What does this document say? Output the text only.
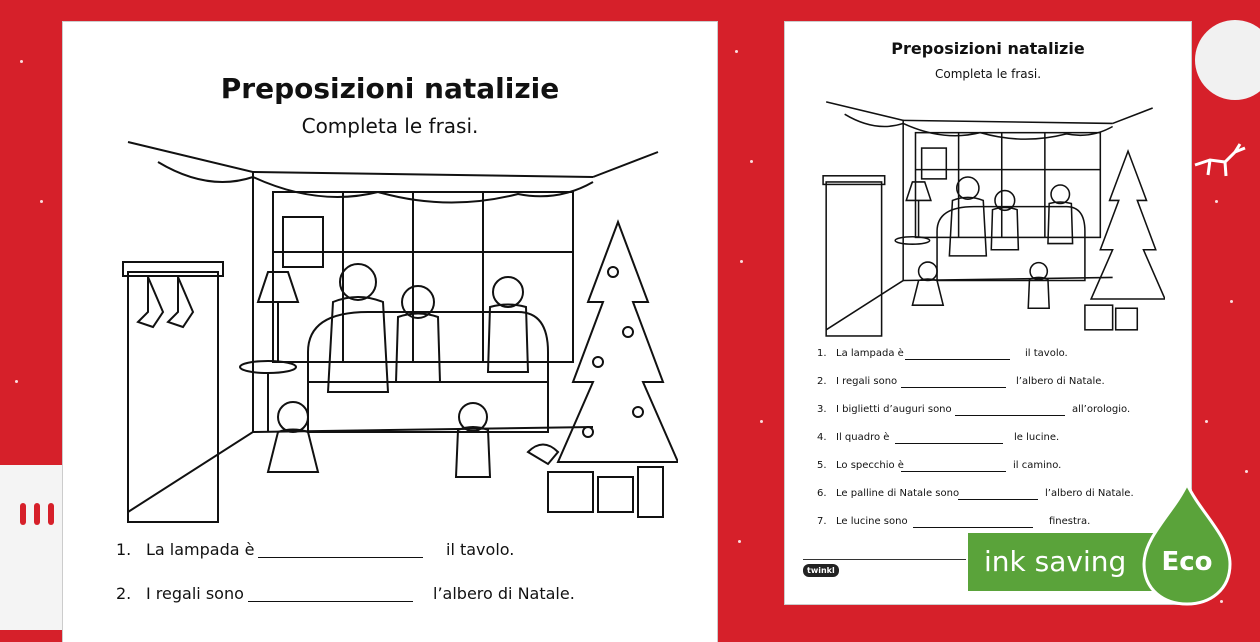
Preposizioni natalizie
Completa le frasi.
1. La lampada è	il tavolo.
2. I regali sono	l’albero di Natale.
Preposizioni natalizie
Completa le frasi.
1. La lampada è	il tavolo.
2. I regali sono	l’albero di Natale.
3. I biglietti d’auguri sono	all’orologio.
4. Il quadro è	le lucine.
5. Lo specchio è	il camino.
6. Le palline di Natale sono	l’albero di Natale.
7. Le lucine sono	finestra.
twinkl	ink saving Eco
